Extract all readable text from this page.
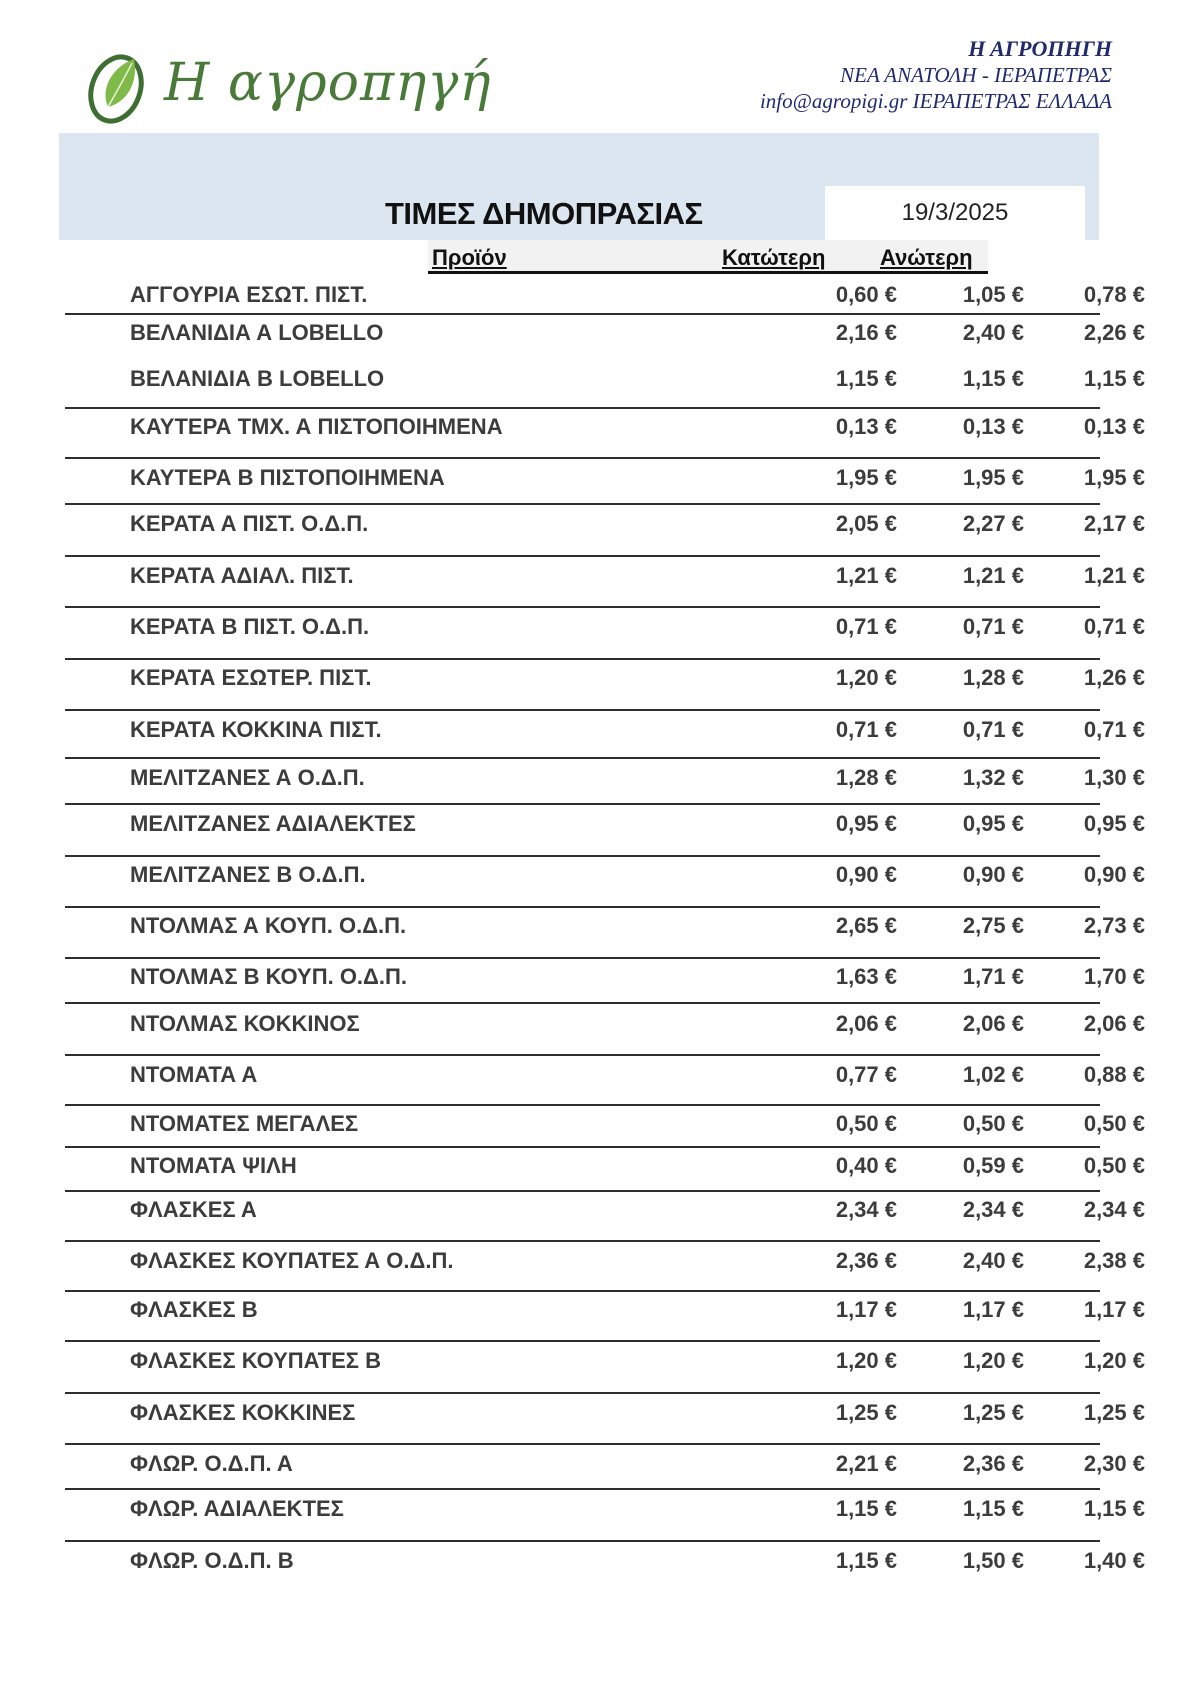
Η αγροπηγή
Η ΑΓΡΟΠΗΓΗ
ΝΕΑ ΑΝΑΤΟΛΗ - ΙΕΡΑΠΕΤΡΑΣ
info@agropigi.gr ΙΕΡΑΠΕΤΡΑΣ ΕΛΛΑΔΑ
ΤΙΜΕΣ ΔΗΜΟΠΡΑΣΙΑΣ	19/3/2025
Προϊόν	Κατώτερη Ανώτερη
ΑΓΓΟΥΡΙΑ ΕΣΩΤ. ΠΙΣΤ.	0,60 €	1,05 €	0,78 €
ΒΕΛΑΝΙΔΙΑ Α LOBELLO	2,16 €	2,40 €	2,26 €
ΒΕΛΑΝΙΔΙΑ Β LOBELLO	1,15 €	1,15 €	1,15 €
ΚΑΥΤΕΡΑ ΤΜΧ. Α ΠΙΣΤΟΠΟΙΗΜΕΝΑ	0,13 €	0,13 €	0,13 €
ΚΑΥΤΕΡΑ Β ΠΙΣΤΟΠΟΙΗΜΕΝΑ	1,95 €	1,95 €	1,95 €
ΚΕΡΑΤΑ Α ΠΙΣΤ. Ο.Δ.Π.	2,05 €	2,27 €	2,17 €
ΚΕΡΑΤΑ ΑΔΙΑΛ. ΠΙΣΤ.	1,21 €	1,21 €	1,21 €
ΚΕΡΑΤΑ Β ΠΙΣΤ. Ο.Δ.Π.	0,71 €	0,71 €	0,71 €
ΚΕΡΑΤΑ ΕΣΩΤΕΡ. ΠΙΣΤ.	1,20 €	1,28 €	1,26 €
ΚΕΡΑΤΑ ΚΟΚΚΙΝΑ ΠΙΣΤ.	0,71 €	0,71 €	0,71 €
ΜΕΛΙΤΖΑΝΕΣ Α Ο.Δ.Π.	1,28 €	1,32 €	1,30 €
ΜΕΛΙΤΖΑΝΕΣ ΑΔΙΑΛΕΚΤΕΣ	0,95 €	0,95 €	0,95 €
ΜΕΛΙΤΖΑΝΕΣ Β Ο.Δ.Π.	0,90 €	0,90 €	0,90 €
ΝΤΟΛΜΑΣ Α ΚΟΥΠ. Ο.Δ.Π.	2,65 €	2,75 €	2,73 €
ΝΤΟΛΜΑΣ Β ΚΟΥΠ. Ο.Δ.Π.	1,63 €	1,71 €	1,70 €
ΝΤΟΛΜΑΣ ΚΟΚΚΙΝΟΣ	2,06 €	2,06 €	2,06 €
ΝΤΟΜΑΤΑ Α	0,77 €	1,02 €	0,88 €
ΝΤΟΜΑΤΕΣ ΜΕΓΑΛΕΣ	0,50 €	0,50 €	0,50 €
ΝΤΟΜΑΤΑ ΨΙΛΗ	0,40 €	0,59 €	0,50 €
ΦΛΑΣΚΕΣ Α	2,34 €	2,34 €	2,34 €
ΦΛΑΣΚΕΣ ΚΟΥΠΑΤΕΣ Α Ο.Δ.Π.	2,36 €	2,40 €	2,38 €
ΦΛΑΣΚΕΣ Β	1,17 €	1,17 €	1,17 €
ΦΛΑΣΚΕΣ ΚΟΥΠΑΤΕΣ Β	1,20 €	1,20 €	1,20 €
ΦΛΑΣΚΕΣ ΚΟΚΚΙΝΕΣ	1,25 €	1,25 €	1,25 €
ΦΛΩΡ. Ο.Δ.Π. Α	2,21 €	2,36 €	2,30 €
ΦΛΩΡ. ΑΔΙΑΛΕΚΤΕΣ	1,15 €	1,15 €	1,15 €
ΦΛΩΡ. Ο.Δ.Π. Β	1,15 €	1,50 €	1,40 €
